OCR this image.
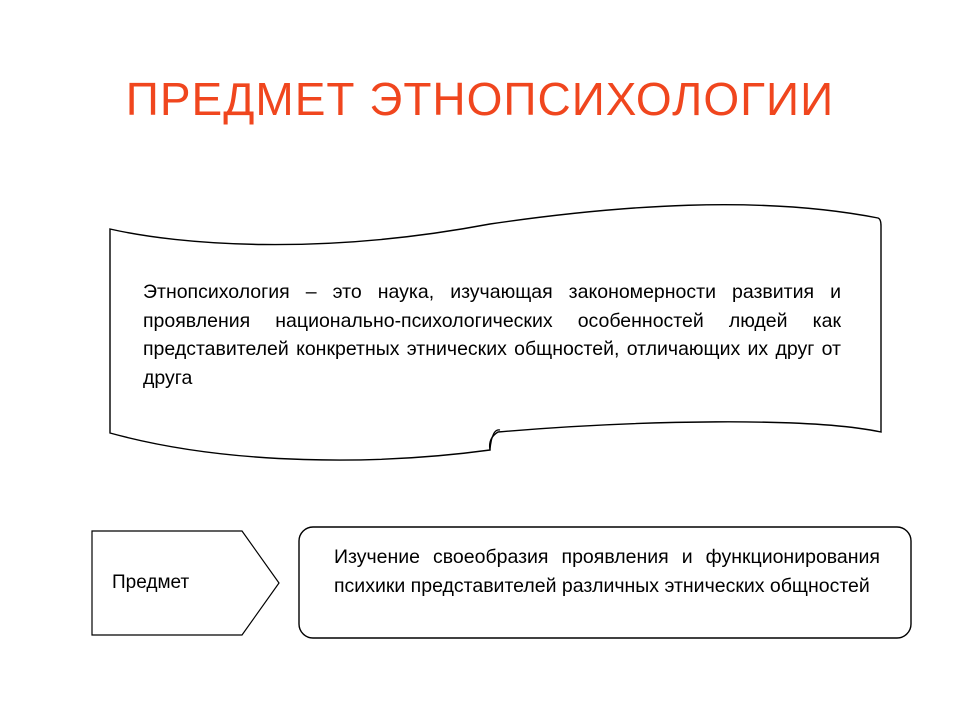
ПРЕДМЕТ ЭТНОПСИХОЛОГИИ
Этнопсихология – это наука, изучающая закономерности развития и проявления национально-психологических особенностей людей как представителей конкретных этнических общностей, отличающих их друг от друга
Предмет
Изучение своеобразия проявления и функционирования психики представителей различных этнических общностей
